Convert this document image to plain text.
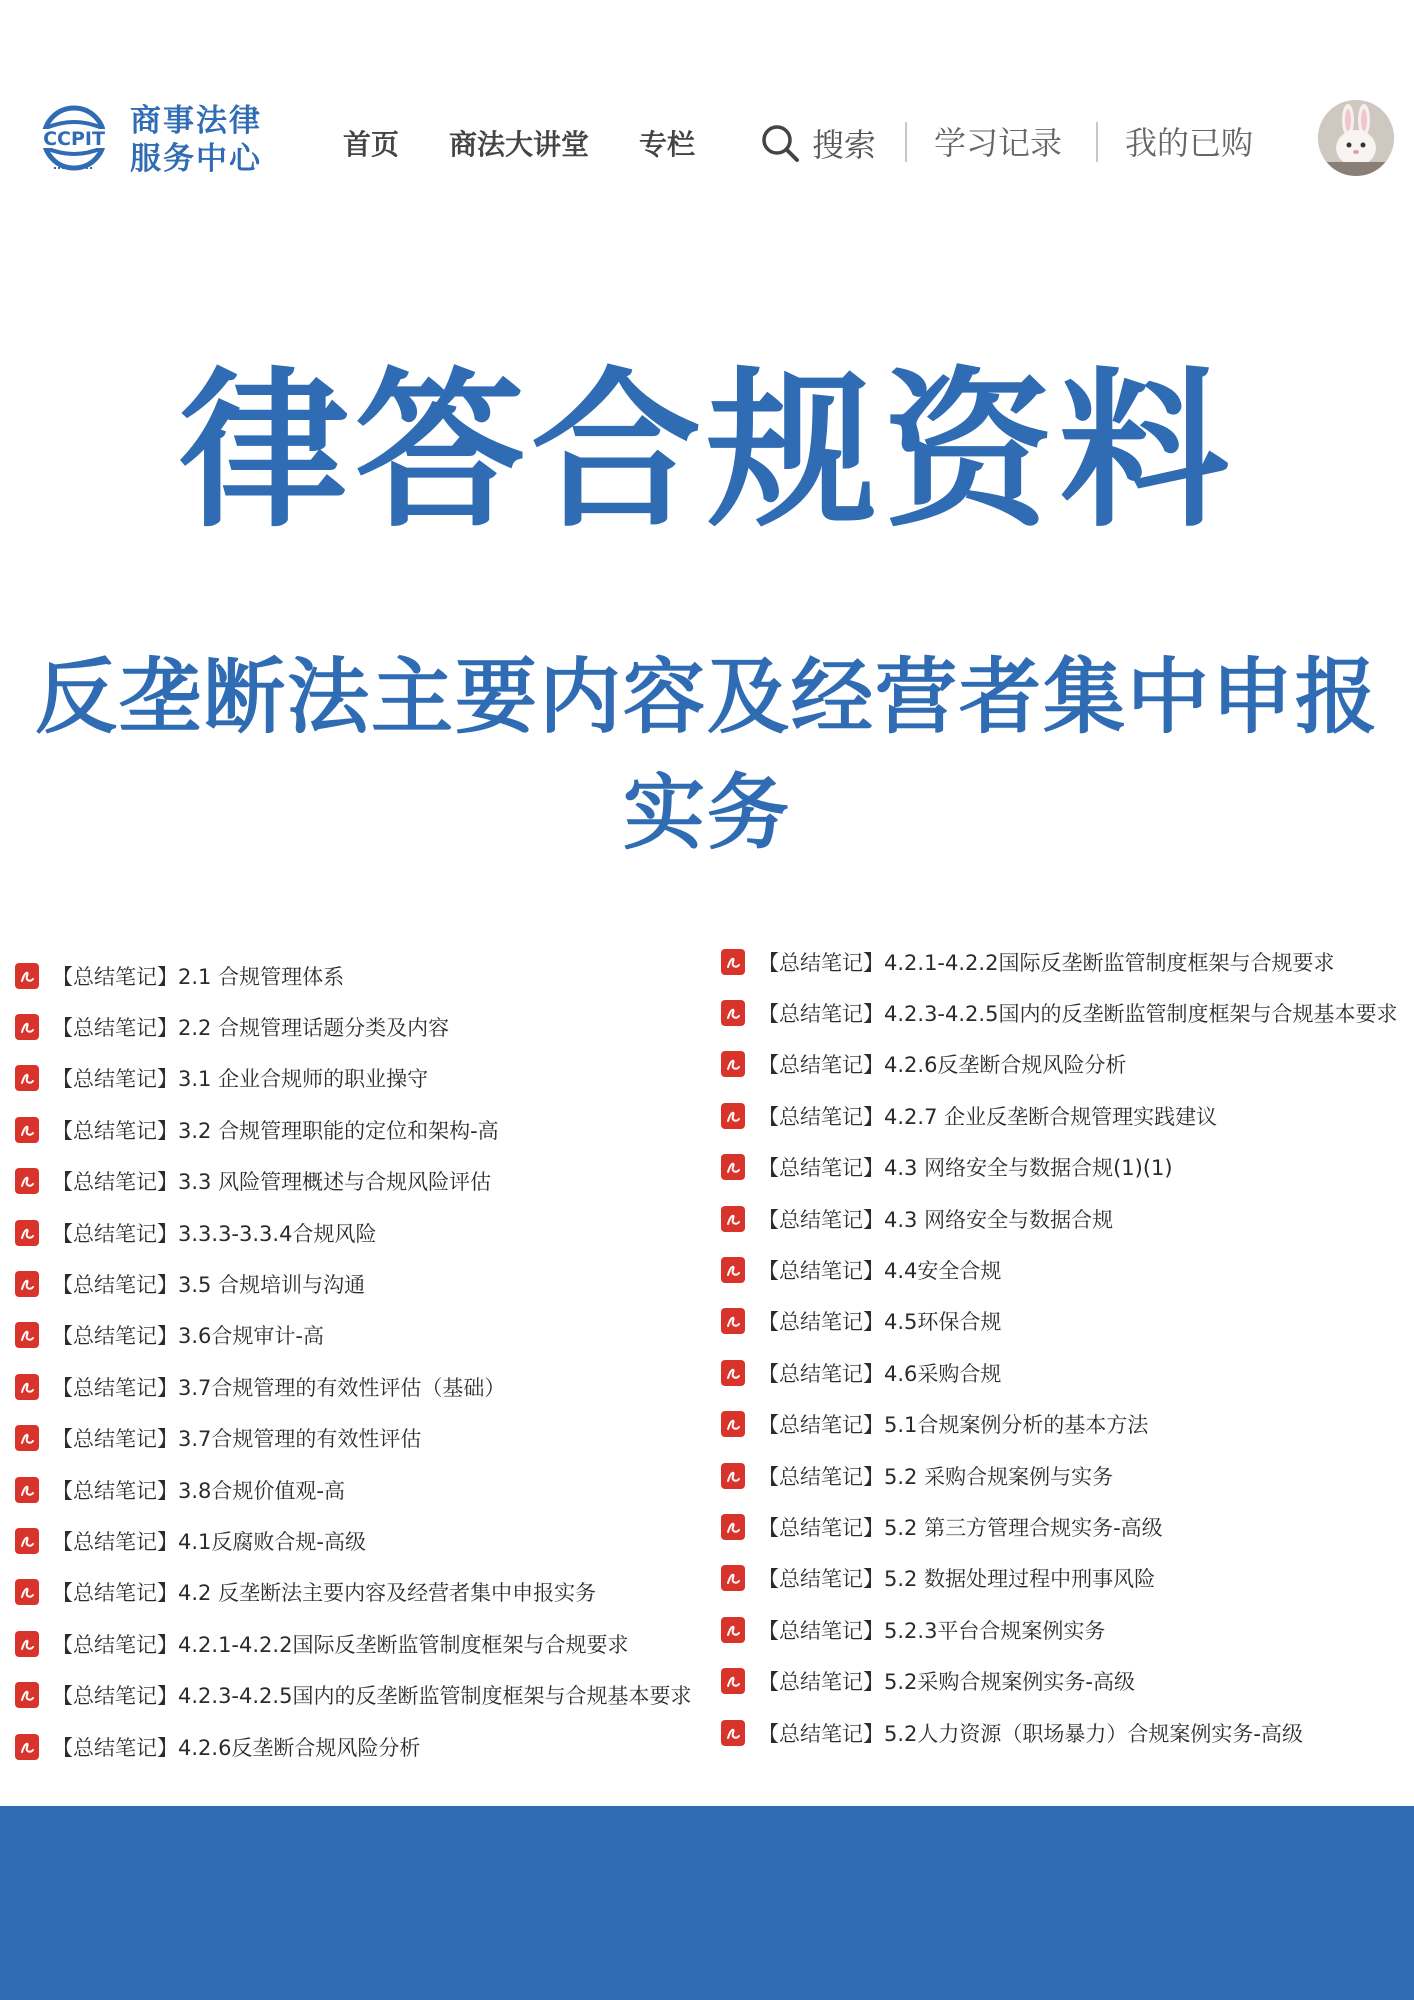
CCPIT 商事法律
服务中心	首页 商法大讲堂 专栏	搜索 学习记录 我的已购
律答合规资料
反垄断法主要内容及经营者集中申报
实务
【总结笔记】2.1 合规管理体系
【总结笔记】2.2 合规管理话题分类及内容
【总结笔记】3.1 企业合规师的职业操守
【总结笔记】3.2 合规管理职能的定位和架构-高
【总结笔记】3.3 风险管理概述与合规风险评估
【总结笔记】3.3.3-3.3.4合规风险
【总结笔记】3.5 合规培训与沟通
【总结笔记】3.6合规审计-高
【总结笔记】3.7合规管理的有效性评估（基础）
【总结笔记】3.7合规管理的有效性评估
【总结笔记】3.8合规价值观-高
【总结笔记】4.1反腐败合规-高级
【总结笔记】4.2 反垄断法主要内容及经营者集中申报实务
【总结笔记】4.2.1-4.2.2国际反垄断监管制度框架与合规要求
【总结笔记】4.2.3-4.2.5国内的反垄断监管制度框架与合规基本要求
【总结笔记】4.2.6反垄断合规风险分析
【总结笔记】4.2.1-4.2.2国际反垄断监管制度框架与合规要求
【总结笔记】4.2.3-4.2.5国内的反垄断监管制度框架与合规基本要求
【总结笔记】4.2.6反垄断合规风险分析
【总结笔记】4.2.7 企业反垄断合规管理实践建议
【总结笔记】4.3 网络安全与数据合规(1)(1)
【总结笔记】4.3 网络安全与数据合规
【总结笔记】4.4安全合规
【总结笔记】4.5环保合规
【总结笔记】4.6采购合规
【总结笔记】5.1合规案例分析的基本方法
【总结笔记】5.2 采购合规案例与实务
【总结笔记】5.2 第三方管理合规实务-高级
【总结笔记】5.2 数据处理过程中刑事风险
【总结笔记】5.2.3平台合规案例实务
【总结笔记】5.2采购合规案例实务-高级
【总结笔记】5.2人力资源（职场暴力）合规案例实务-高级
